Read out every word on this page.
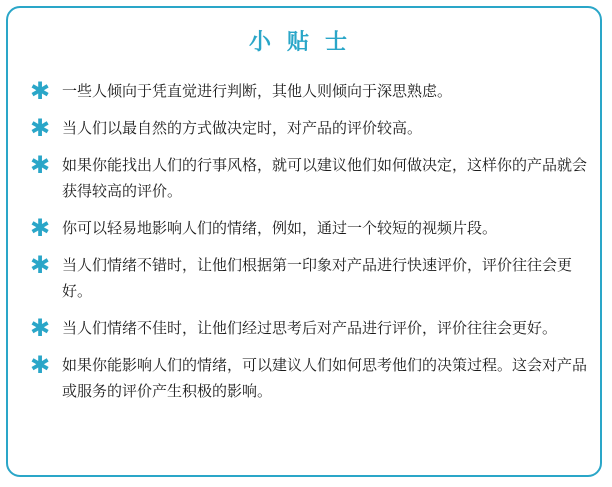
小贴士
✱ 一些人倾向于凭直觉进行判断，其他人则倾向于深思熟虑。
✱ 当人们以最自然的方式做决定时，对产品的评价较高。
✱ 如果你能找出人们的行事风格，就可以建议他们如何做决定，这样你的产品就会获得较高的评价。
✱ 你可以轻易地影响人们的情绪，例如，通过一个较短的视频片段。
✱ 当人们情绪不错时，让他们根据第一印象对产品进行快速评价，评价往往会更好。
✱ 当人们情绪不佳时，让他们经过思考后对产品进行评价，评价往往会更好。
✱ 如果你能影响人们的情绪，可以建议人们如何思考他们的决策过程。这会对产品或服务的评价产生积极的影响。
